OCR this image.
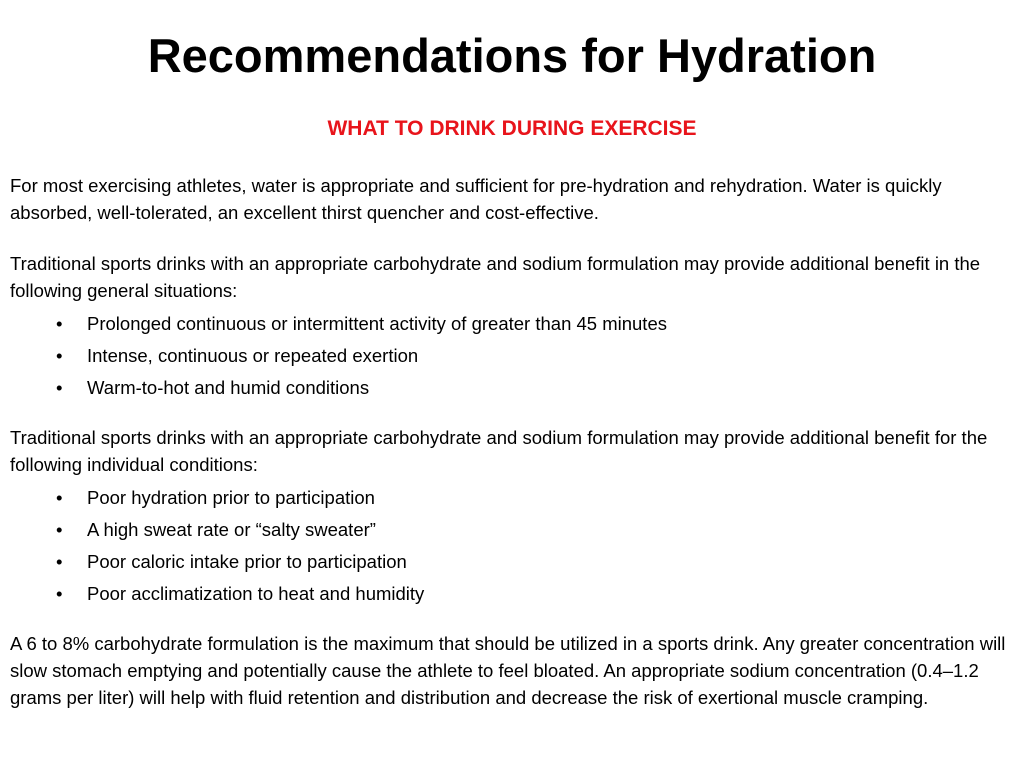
Recommendations for Hydration
WHAT TO DRINK DURING EXERCISE

For most exercising athletes, water is appropriate and sufficient for pre-hydration and rehydration. Water is quickly absorbed, well-tolerated, an excellent thirst quencher and cost-effective.

Traditional sports drinks with an appropriate carbohydrate and sodium formulation may provide additional benefit in the following general situations:

• Prolonged continuous or intermittent activity of greater than 45 minutes
• Intense, continuous or repeated exertion
• Warm-to-hot and humid conditions

Traditional sports drinks with an appropriate carbohydrate and sodium formulation may provide additional benefit for the following individual conditions:

• Poor hydration prior to participation
• A high sweat rate or “salty sweater”
• Poor caloric intake prior to participation
• Poor acclimatization to heat and humidity

A 6 to 8% carbohydrate formulation is the maximum that should be utilized in a sports drink. Any greater concentration will slow stomach emptying and potentially cause the athlete to feel bloated. An appropriate sodium concentration (0.4–1.2 grams per liter) will help with fluid retention and distribution and decrease the risk of exertional muscle cramping.
